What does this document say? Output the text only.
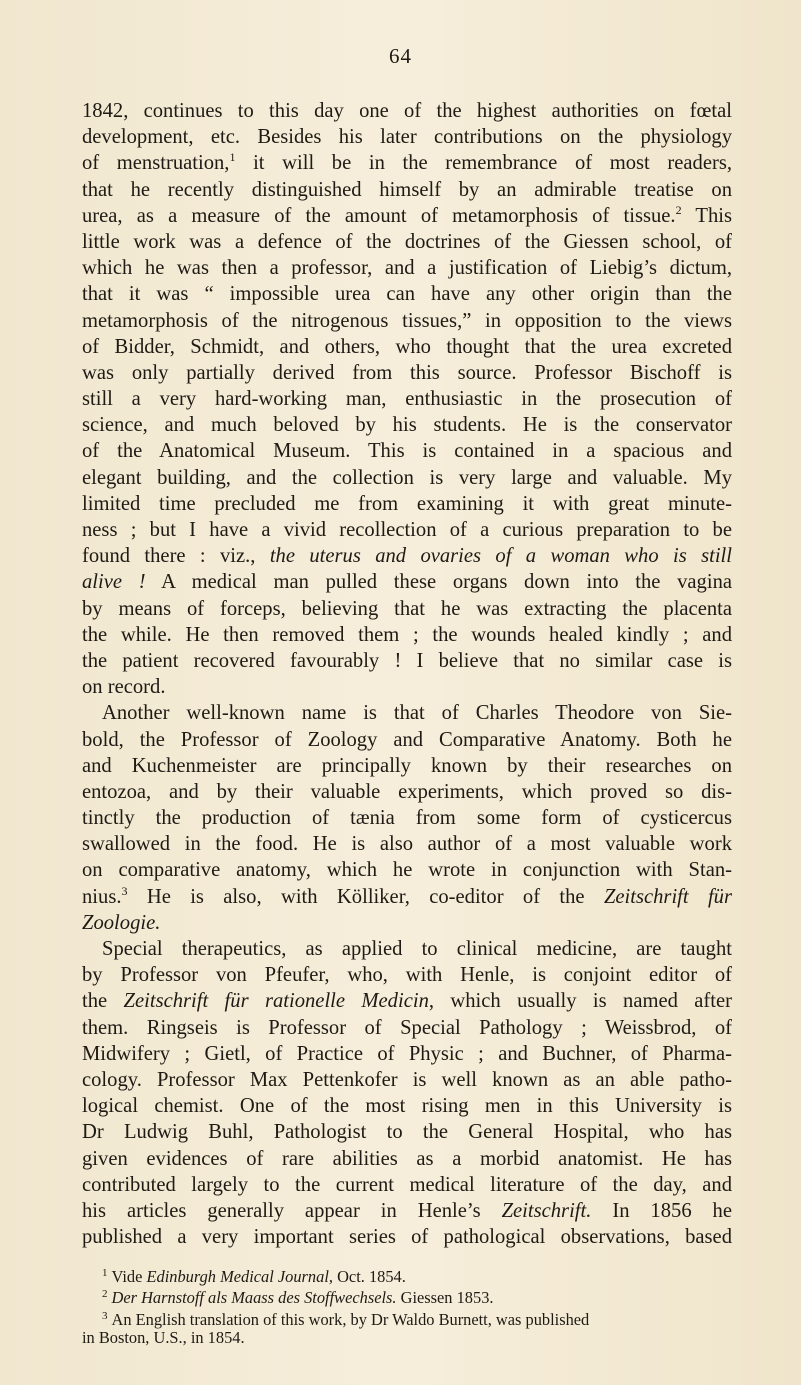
64
1842, continues to this day one of the highest authorities on fœtal
development, etc. Besides his later contributions on the physiology
of menstruation,$^1$ it will be in the remembrance of most readers,
that he recently distinguished himself by an admirable treatise on
urea, as a measure of the amount of metamorphosis of tissue.$^2$ This
little work was a defence of the doctrines of the Giessen school, of
which he was then a professor, and a justification of Liebig’s dictum,
that it was “ impossible urea can have any other origin than the
metamorphosis of the nitrogenous tissues,” in opposition to the views
of Bidder, Schmidt, and others, who thought that the urea excreted
was only partially derived from this source. Professor Bischoff is
still a very hard-working man, enthusiastic in the prosecution of
science, and much beloved by his students. He is the conservator
of the Anatomical Museum. This is contained in a spacious and
elegant building, and the collection is very large and valuable. My
limited time precluded me from examining it with great minute-
ness ; but I have a vivid recollection of a curious preparation to be
found there : viz., the uterus and ovaries of a woman who is still
alive ! A medical man pulled these organs down into the vagina
by means of forceps, believing that he was extracting the placenta
the while. He then removed them ; the wounds healed kindly ; and
the patient recovered favourably ! I believe that no similar case is
on record.
Another well-known name is that of Charles Theodore von Sie-
bold, the Professor of Zoology and Comparative Anatomy. Both he
and Kuchenmeister are principally known by their researches on
entozoa, and by their valuable experiments, which proved so dis-
tinctly the production of tænia from some form of cysticercus
swallowed in the food. He is also author of a most valuable work
on comparative anatomy, which he wrote in conjunction with Stan-
nius.$^3$ He is also, with Kölliker, co-editor of the Zeitschrift für
Zoologie.
Special therapeutics, as applied to clinical medicine, are taught
by Professor von Pfeufer, who, with Henle, is conjoint editor of
the Zeitschrift für rationelle Medicin, which usually is named after
them. Ringseis is Professor of Special Pathology ; Weissbrod, of
Midwifery ; Gietl, of Practice of Physic ; and Buchner, of Pharma-
cology. Professor Max Pettenkofer is well known as an able patho-
logical chemist. One of the most rising men in this University is
Dr Ludwig Buhl, Pathologist to the General Hospital, who has
given evidences of rare abilities as a morbid anatomist. He has
contributed largely to the current medical literature of the day, and
his articles generally appear in Henle’s Zeitschrift. In 1856 he
published a very important series of pathological observations, based
$^1$ Vide Edinburgh Medical Journal, Oct. 1854.
$^2$ Der Harnstoff als Maass des Stoffwechsels. Giessen 1853.
$^3$ An English translation of this work, by Dr Waldo Burnett, was published
in Boston, U.S., in 1854.
